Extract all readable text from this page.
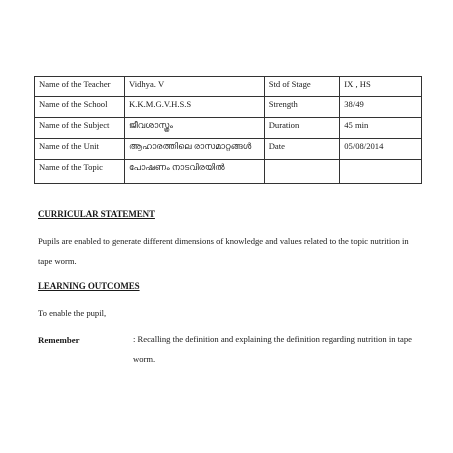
Name of the Teacher	Vidhya. V	Std of Stage	IX , HS
Name of the School	K.K.M.G.V.H.S.S	Strength	38/49
Name of the Subject	ജീവശാസ്ത്രം	Duration	45 min
Name of the Unit	ആഹാരത്തിലെ രാസമാറ്റങ്ങൾ	Date	05/08/2014
Name of the Topic	പോഷണം നാടവിരയിൽ		
CURRICULAR STATEMENT
Pupils are enabled to generate different dimensions of knowledge and values related to the topic nutrition in tape worm.
LEARNING OUTCOMES
To enable the pupil,
Remember	: Recalling the definition and explaining the definition regarding nutrition in tape worm.
